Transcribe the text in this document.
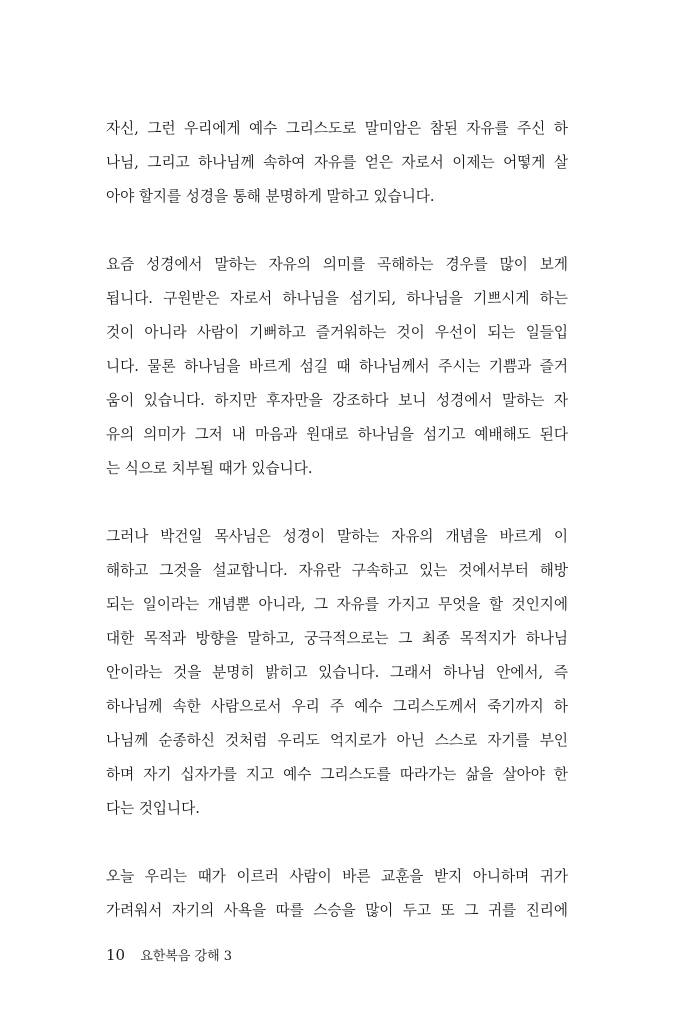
자신, 그런 우리에게 예수 그리스도로 말미암은 참된 자유를 주신 하
나님, 그리고 하나님께 속하여 자유를 얻은 자로서 이제는 어떻게 살
아야 할지를 성경을 통해 분명하게 말하고 있습니다.
요즘 성경에서 말하는 자유의 의미를 곡해하는 경우를 많이 보게
됩니다. 구원받은 자로서 하나님을 섬기되, 하나님을 기쁘시게 하는
것이 아니라 사람이 기뻐하고 즐거워하는 것이 우선이 되는 일들입
니다. 물론 하나님을 바르게 섬길 때 하나님께서 주시는 기쁨과 즐거
움이 있습니다. 하지만 후자만을 강조하다 보니 성경에서 말하는 자
유의 의미가 그저 내 마음과 원대로 하나님을 섬기고 예배해도 된다
는 식으로 치부될 때가 있습니다.
그러나 박건일 목사님은 성경이 말하는 자유의 개념을 바르게 이
해하고 그것을 설교합니다. 자유란 구속하고 있는 것에서부터 해방
되는 일이라는 개념뿐 아니라, 그 자유를 가지고 무엇을 할 것인지에
대한 목적과 방향을 말하고, 궁극적으로는 그 최종 목적지가 하나님
안이라는 것을 분명히 밝히고 있습니다. 그래서 하나님 안에서, 즉
하나님께 속한 사람으로서 우리 주 예수 그리스도께서 죽기까지 하
나님께 순종하신 것처럼 우리도 억지로가 아닌 스스로 자기를 부인
하며 자기 십자가를 지고 예수 그리스도를 따라가는 삶을 살아야 한
다는 것입니다.
오늘 우리는 때가 이르러 사람이 바른 교훈을 받지 아니하며 귀가
가려워서 자기의 사욕을 따를 스승을 많이 두고 또 그 귀를 진리에
10 요한복음 강해 3
